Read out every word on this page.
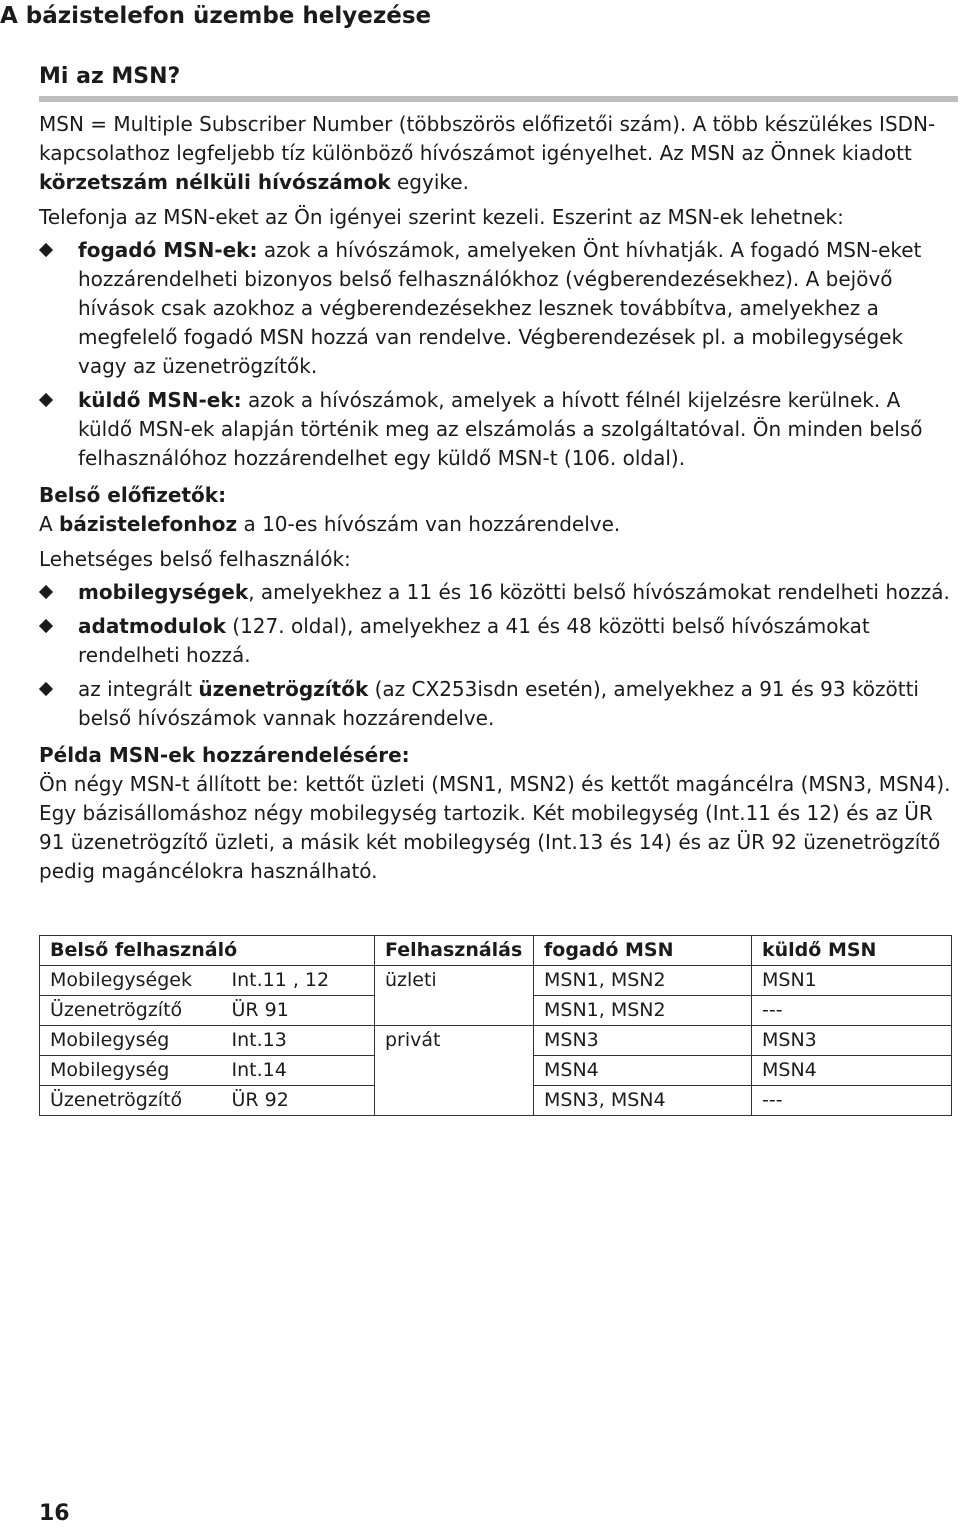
A bázistelefon üzembe helyezése
Mi az MSN?

MSN = Multiple Subscriber Number (többszörös előfizetői szám). A több készülékes ISDN-kapcsolathoz legfeljebb tíz különböző hívószámot igényelhet. Az MSN az Önnek kiadott körzetszám nélküli hívószámok egyike.

Telefonja az MSN-eket az Ön igényei szerint kezeli. Eszerint az MSN-ek lehetnek:

fogadó MSN-ek: azok a hívószámok, amelyeken Önt hívhatják. A fogadó MSN-eket hozzárendelheti bizonyos belső felhasználókhoz (végberendezésekhez). A bejövő hívások csak azokhoz a végberendezésekhez lesznek továbbítva, amelyekhez a megfelelő fogadó MSN hozzá van rendelve. Végberendezések pl. a mobilegységek vagy az üzenetrögzítők.
küldő MSN-ek: azok a hívószámok, amelyek a hívott félnél kijelzésre kerülnek. A küldő MSN-ek alapján történik meg az elszámolás a szolgáltatóval. Ön minden belső felhasználóhoz hozzárendelhet egy küldő MSN-t (106. oldal).

Belső előfizetők:

A bázistelefonhoz a 10-es hívószám van hozzárendelve.

Lehetséges belső felhasználók:

mobilegységek, amelyekhez a 11 és 16 közötti belső hívószámokat rendelheti hozzá.
adatmodulok (127. oldal), amelyekhez a 41 és 48 közötti belső hívószámokat rendelheti hozzá.
az integrált üzenetrögzítők (az CX253isdn esetén), amelyekhez a 91 és 93 közötti belső hívószámok vannak hozzárendelve.

Példa MSN-ek hozzárendelésére:

Ön négy MSN-t állított be: kettőt üzleti (MSN1, MSN2) és kettőt magáncélra (MSN3, MSN4). Egy bázisállomáshoz négy mobilegység tartozik. Két mobilegység (Int.11 és 12) és az ÜR 91 üzenetrögzítő üzleti, a másik két mobilegység (Int.13 és 14) és az ÜR 92 üzenetrögzítő pedig magáncélokra használható.

Belső felhasználó		Felhasználás	fogadó MSN	küldő MSN
Mobilegységek	Int.11 , 12	üzleti	MSN1, MSN2	MSN1
Üzenetrögzítő	ÜR 91		MSN1, MSN2	---
Mobilegység	Int.13	privát	MSN3	MSN3
Mobilegység	Int.14		MSN4	MSN4
Üzenetrögzítő	ÜR 92		MSN3, MSN4	---
16
